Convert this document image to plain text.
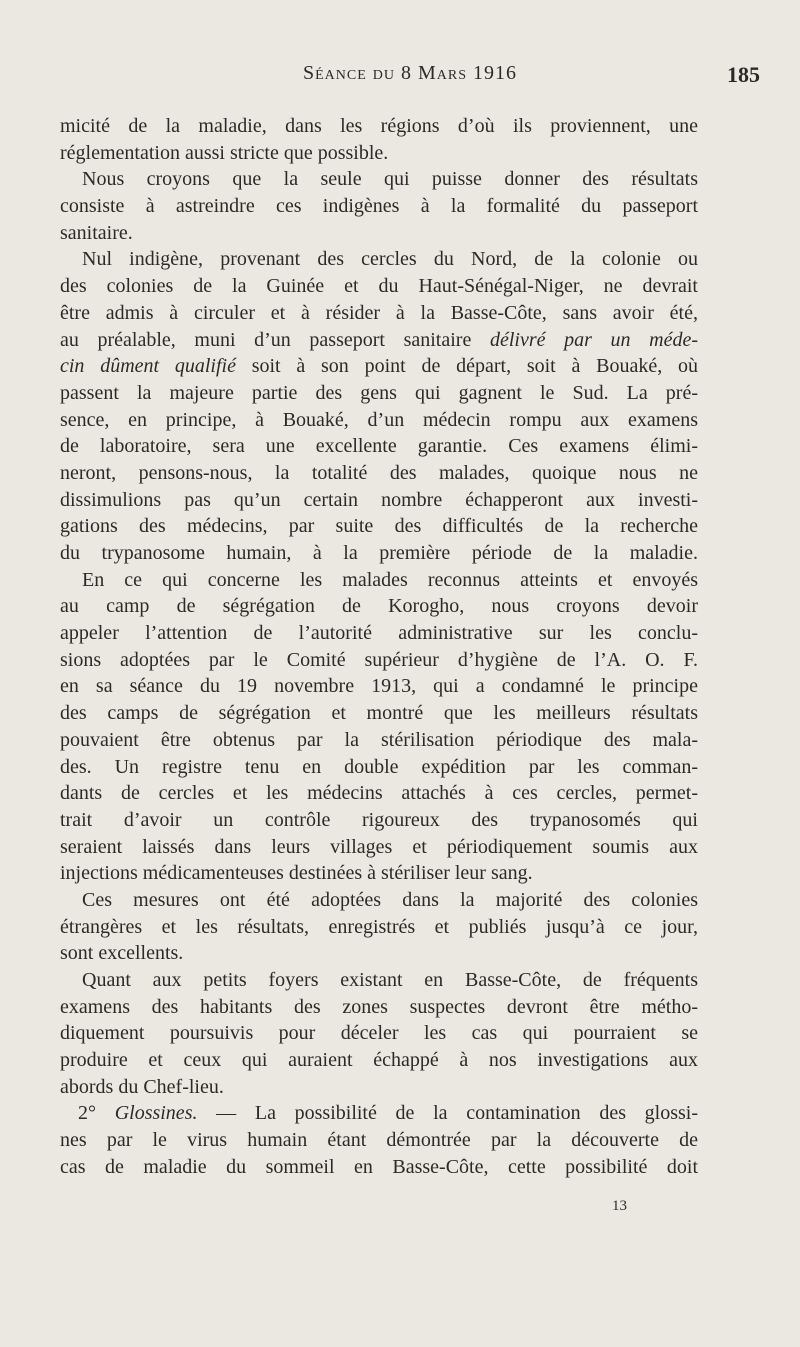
Séance du 8 Mars 1916	185
micité de la maladie, dans les régions d’où ils proviennent, une
réglementation aussi stricte que possible.
Nous croyons que la seule qui puisse donner des résultats
consiste à astreindre ces indigènes à la formalité du passeport
sanitaire.
Nul indigène, provenant des cercles du Nord, de la colonie ou
des colonies de la Guinée et du Haut-Sénégal-Niger, ne devrait
être admis à circuler et à résider à la Basse-Côte, sans avoir été,
au préalable, muni d’un passeport sanitaire délivré par un méde-
cin dûment qualifié soit à son point de départ, soit à Bouaké, où
passent la majeure partie des gens qui gagnent le Sud. La pré-
sence, en principe, à Bouaké, d’un médecin rompu aux examens
de laboratoire, sera une excellente garantie. Ces examens élimi-
neront, pensons-nous, la totalité des malades, quoique nous ne
dissimulions pas qu’un certain nombre échapperont aux investi-
gations des médecins, par suite des difficultés de la recherche
du trypanosome humain, à la première période de la maladie.
En ce qui concerne les malades reconnus atteints et envoyés
au camp de ségrégation de Korogho, nous croyons devoir
appeler l’attention de l’autorité administrative sur les conclu-
sions adoptées par le Comité supérieur d’hygiène de l’A. O. F.
en sa séance du 19 novembre 1913, qui a condamné le principe
des camps de ségrégation et montré que les meilleurs résultats
pouvaient être obtenus par la stérilisation périodique des mala-
des. Un registre tenu en double expédition par les comman-
dants de cercles et les médecins attachés à ces cercles, permet-
trait d’avoir un contrôle rigoureux des trypanosomés qui
seraient laissés dans leurs villages et périodiquement soumis aux
injections médicamenteuses destinées à stériliser leur sang.
Ces mesures ont été adoptées dans la majorité des colonies
étrangères et les résultats, enregistrés et publiés jusqu’à ce jour,
sont excellents.
Quant aux petits foyers existant en Basse-Côte, de fréquents
examens des habitants des zones suspectes devront être métho-
diquement poursuivis pour déceler les cas qui pourraient se
produire et ceux qui auraient échappé à nos investigations aux
abords du Chef-lieu.
2° Glossines. — La possibilité de la contamination des glossi-
nes par le virus humain étant démontrée par la découverte de
cas de maladie du sommeil en Basse-Côte, cette possibilité doit
13
